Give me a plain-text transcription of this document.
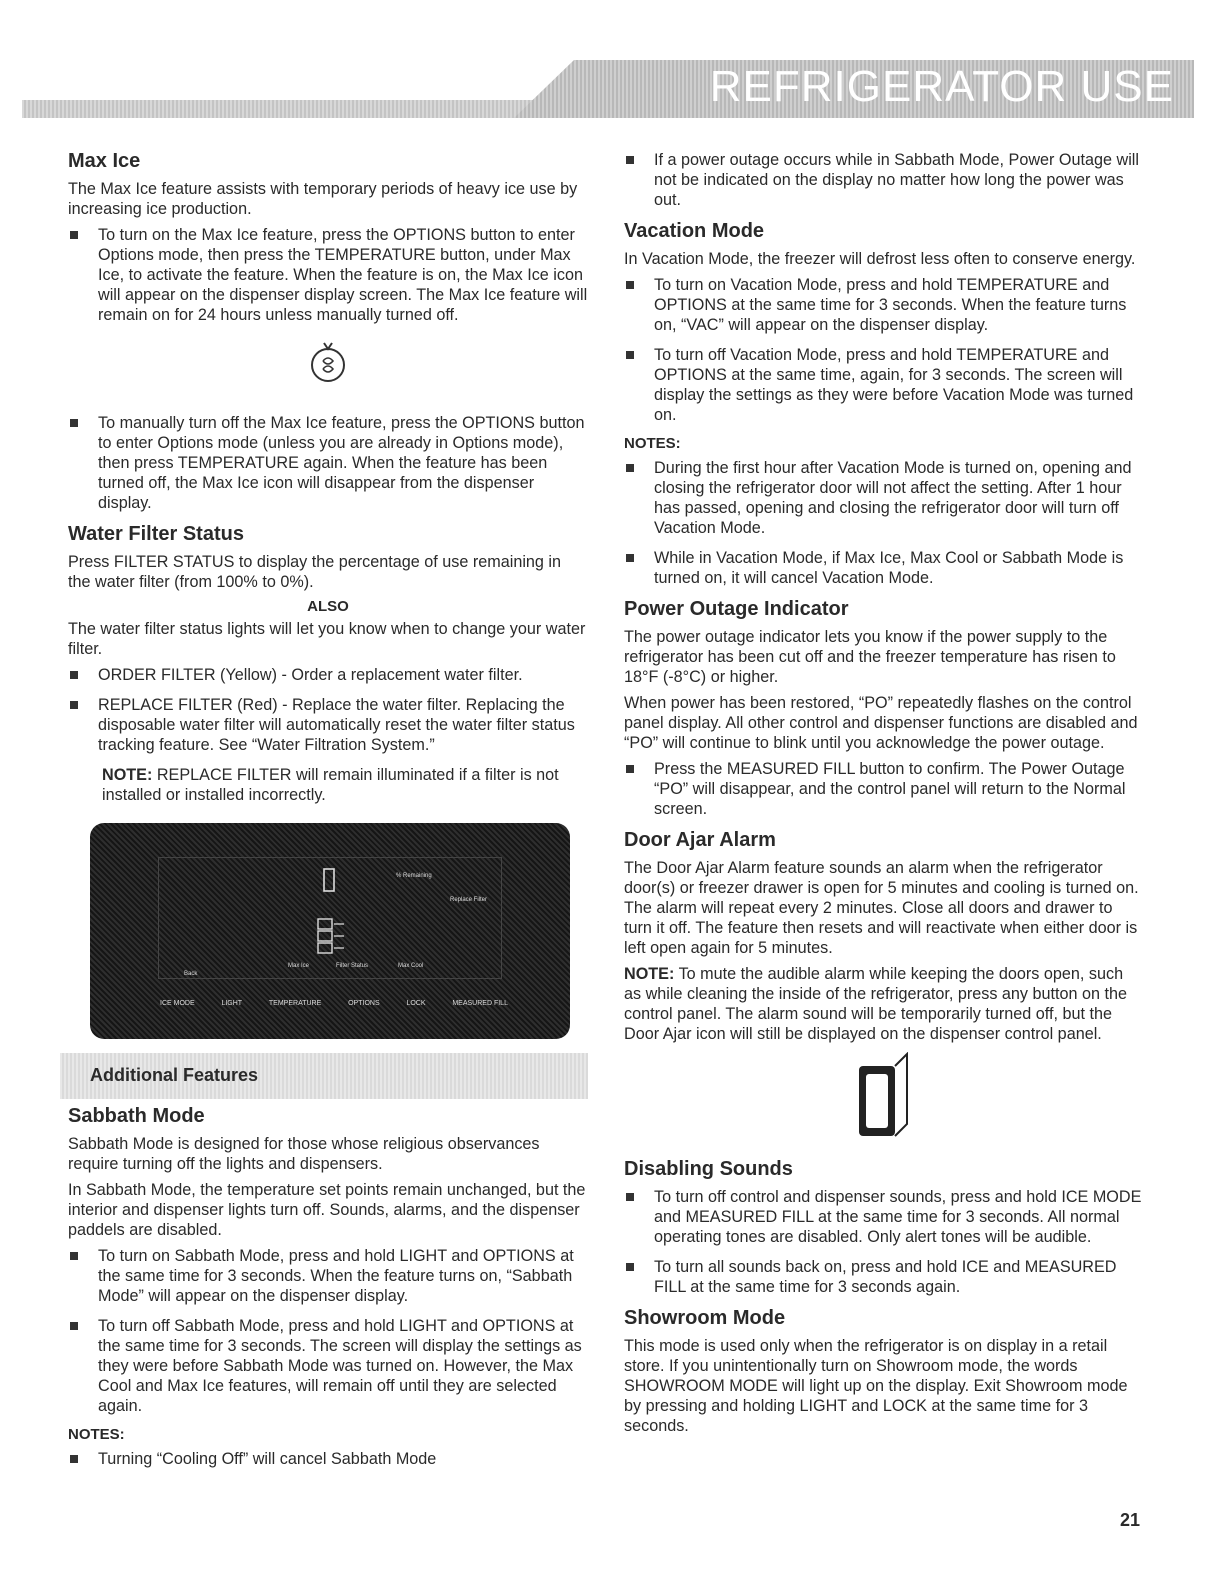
REFRIGERATOR USE
Max Ice

The Max Ice feature assists with temporary periods of heavy ice use by increasing ice production.

To turn on the Max Ice feature, press the OPTIONS button to enter Options mode, then press the TEMPERATURE button, under Max Ice, to activate the feature. When the feature is on, the Max Ice icon will appear on the dispenser display screen. The Max Ice feature will remain on for 24 hours unless manually turned off.
To manually turn off the Max Ice feature, press the OPTIONS button to enter Options mode (unless you are already in Options mode), then press TEMPERATURE again. When the feature has been turned off, the Max Ice icon will disappear from the dispenser display.
Water Filter Status

Press FILTER STATUS to display the percentage of use remaining in the water filter (from 100% to 0%).

ALSO

The water filter status lights will let you know when to change your water filter.

ORDER FILTER (Yellow) - Order a replacement water filter.
REPLACE FILTER (Red) - Replace the water filter. Replacing the disposable water filter will automatically reset the water filter status tracking feature. See “Water Filtration System.”

NOTE: REPLACE FILTER will remain illuminated if a filter is not installed or installed incorrectly.

% Remaining
Replace Filter
Max Ice	Filter Status	Max Cool
Back
ICE MODE	LIGHT	TEMPERATURE	OPTIONS	LOCK	MEASURED FILL
Additional Features
Sabbath Mode

Sabbath Mode is designed for those whose religious observances require turning off the lights and dispensers.

In Sabbath Mode, the temperature set points remain unchanged, but the interior and dispenser lights turn off. Sounds, alarms, and the dispenser paddels are disabled.

To turn on Sabbath Mode, press and hold LIGHT and OPTIONS at the same time for 3 seconds. When the feature turns on, “Sabbath Mode” will appear on the dispenser display.
To turn off Sabbath Mode, press and hold LIGHT and OPTIONS at the same time for 3 seconds. The screen will display the settings as they were before Sabbath Mode was turned on. However, the Max Cool and Max Ice features, will remain off until they are selected again.
NOTES:
Turning “Cooling Off” will cancel Sabbath Mode
If a power outage occurs while in Sabbath Mode, Power Outage will not be indicated on the display no matter how long the power was out.
Vacation Mode

In Vacation Mode, the freezer will defrost less often to conserve energy.

To turn on Vacation Mode, press and hold TEMPERATURE and OPTIONS at the same time for 3 seconds. When the feature turns on, “VAC” will appear on the dispenser display.
To turn off Vacation Mode, press and hold TEMPERATURE and OPTIONS at the same time, again, for 3 seconds. The screen will display the settings as they were before Vacation Mode was turned on.
NOTES:
During the first hour after Vacation Mode is turned on, opening and closing the refrigerator door will not affect the setting. After 1 hour has passed, opening and closing the refrigerator door will turn off Vacation Mode.
While in Vacation Mode, if Max Ice, Max Cool or Sabbath Mode is turned on, it will cancel Vacation Mode.
Power Outage Indicator

The power outage indicator lets you know if the power supply to the refrigerator has been cut off and the freezer temperature has risen to 18°F (-8°C) or higher.

When power has been restored, “PO” repeatedly flashes on the control panel display. All other control and dispenser functions are disabled and “PO” will continue to blink until you acknowledge the power outage.

Press the MEASURED FILL button to confirm. The Power Outage “PO” will disappear, and the control panel will return to the Normal screen.
Door Ajar Alarm

The Door Ajar Alarm feature sounds an alarm when the refrigerator door(s) or freezer drawer is open for 5 minutes and cooling is turned on. The alarm will repeat every 2 minutes. Close all doors and drawer to turn it off. The feature then resets and will reactivate when either door is left open again for 5 minutes.

NOTE: To mute the audible alarm while keeping the doors open, such as while cleaning the inside of the refrigerator, press any button on the control panel. The alarm sound will be temporarily turned off, but the Door Ajar icon will still be displayed on the dispenser control panel.

Disabling Sounds
To turn off control and dispenser sounds, press and hold ICE MODE and MEASURED FILL at the same time for 3 seconds. All normal operating tones are disabled. Only alert tones will be audible.
To turn all sounds back on, press and hold ICE and MEASURED FILL at the same time for 3 seconds again.
Showroom Mode

This mode is used only when the refrigerator is on display in a retail store. If you unintentionally turn on Showroom mode, the words SHOWROOM MODE will light up on the display. Exit Showroom mode by pressing and holding LIGHT and LOCK at the same time for 3 seconds.

21
